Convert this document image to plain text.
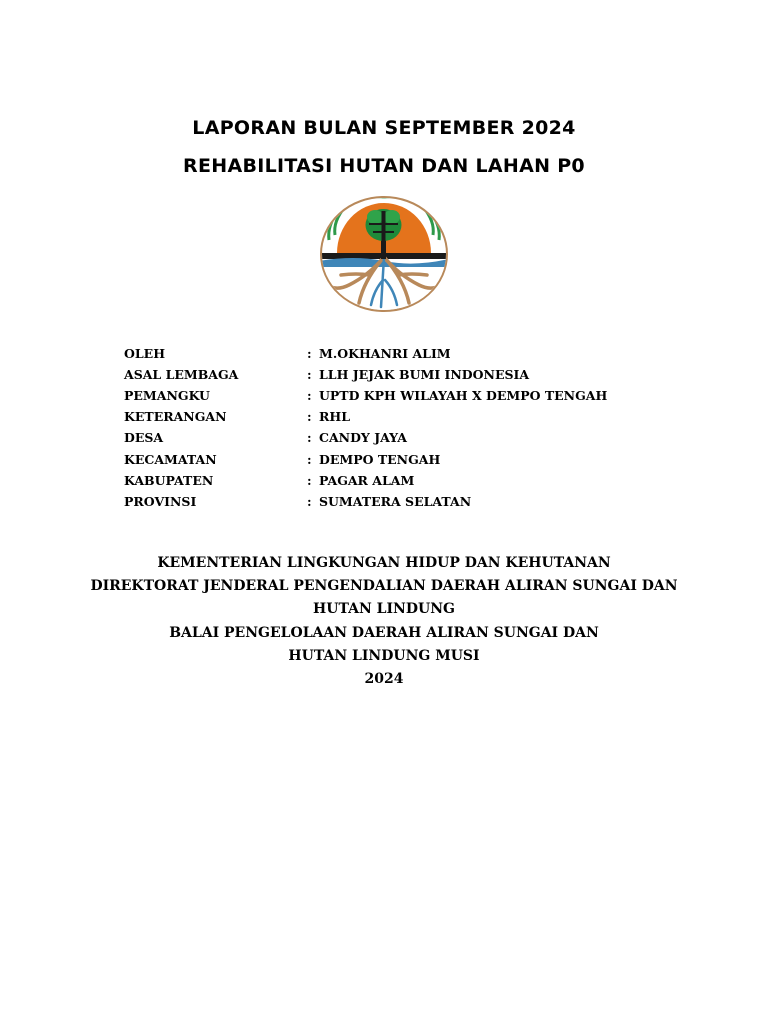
LAPORAN BULAN SEPTEMBER 2024
REHABILITASI HUTAN DAN LAHAN P0
OLEH	: M.OKHANRI ALIM
ASAL LEMBAGA	: LLH JEJAK BUMI INDONESIA
PEMANGKU	: UPTD KPH WILAYAH X DEMPO TENGAH
KETERANGAN	: RHL
DESA	: CANDY JAYA
KECAMATAN	: DEMPO TENGAH
KABUPATEN	: PAGAR ALAM
PROVINSI	: SUMATERA SELATAN
KEMENTERIAN LINGKUNGAN HIDUP DAN KEHUTANAN
DIREKTORAT JENDERAL PENGENDALIAN DAERAH ALIRAN SUNGAI DAN
HUTAN LINDUNG
BALAI PENGELOLAAN DAERAH ALIRAN SUNGAI DAN
HUTAN LINDUNG MUSI
2024
